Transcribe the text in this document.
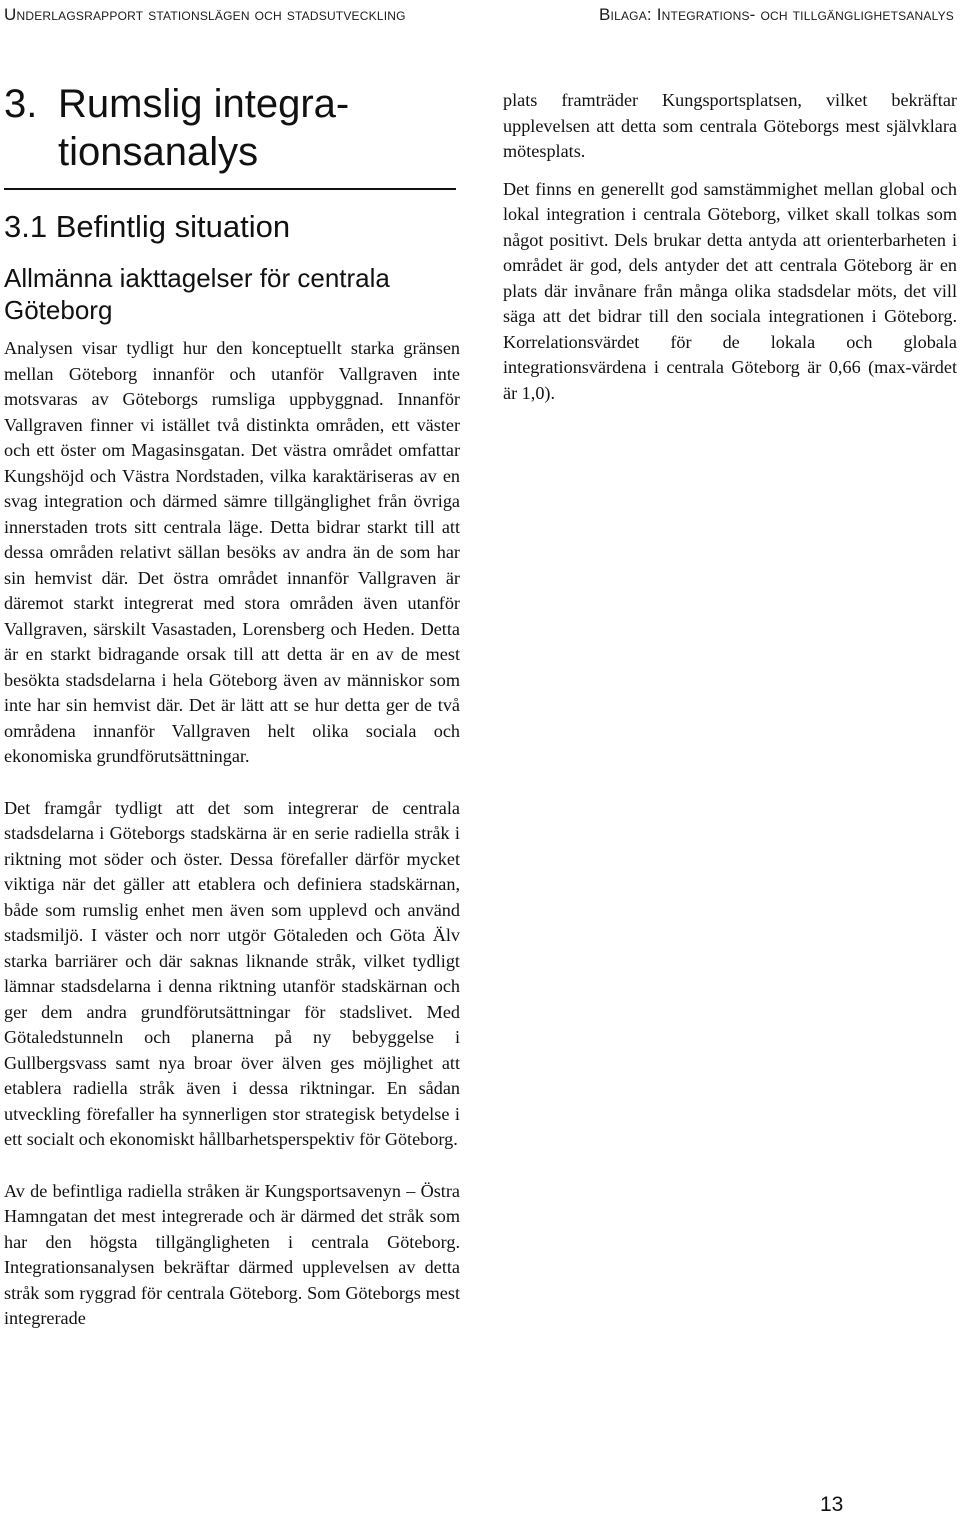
Underlagsrapport stationslägen och stadsutveckling	Bilaga: Integrations- och tillgänglighetsanalys
3. Rumslig integrationsanalys
3.1 Befintlig situation
Allmänna iakttagelser för centrala Göteborg

Analysen visar tydligt hur den konceptuellt starka gränsen mellan Göteborg innanför och utanför Vallgraven inte motsvaras av Göteborgs rumsliga uppbyggnad. Innanför Vallgraven finner vi istället två distinkta områden, ett väster och ett öster om Magasinsgatan. Det västra området omfattar Kungshöjd och Västra Nordstaden, vilka karaktäriseras av en svag integration och därmed sämre tillgänglighet från övriga innerstaden trots sitt centrala läge. Detta bidrar starkt till att dessa områden relativt sällan besöks av andra än de som har sin hemvist där. Det östra området innanför Vallgraven är däremot starkt integrerat med stora områden även utanför Vallgraven, särskilt Vasastaden, Lorensberg och Heden. Detta är en starkt bidragande orsak till att detta är en av de mest besökta stadsdelarna i hela Göteborg även av människor som inte har sin hemvist där. Det är lätt att se hur detta ger de två områdena innanför Vallgraven helt olika sociala och ekonomiska grundförutsättningar.

Det framgår tydligt att det som integrerar de centrala stadsdelarna i Göteborgs stadskärna är en serie radiella stråk i riktning mot söder och öster. Dessa förefaller därför mycket viktiga när det gäller att etablera och definiera stadskärnan, både som rumslig enhet men även som upplevd och använd stadsmiljö. I väster och norr utgör Götaleden och Göta Älv starka barriärer och där saknas liknande stråk, vilket tydligt lämnar stadsdelarna i denna riktning utanför stadskärnan och ger dem andra grundförutsättningar för stadslivet. Med Götaledstunneln och planerna på ny bebyggelse i Gullbergsvass samt nya broar över älven ges möjlighet att etablera radiella stråk även i dessa riktningar. En sådan utveckling förefaller ha synnerligen stor strategisk betydelse i ett socialt och ekonomiskt hållbarhetsperspektiv för Göteborg.

Av de befintliga radiella stråken är Kungsportsavenyn – Östra Hamngatan det mest integrerade och är därmed det stråk som har den högsta tillgängligheten i centrala Göteborg. Integrationsanalysen bekräftar därmed upplevelsen av detta stråk som ryggrad för centrala Göteborg. Som Göteborgs mest integrerade

plats framträder Kungsportsplatsen, vilket bekräftar upplevelsen att detta som centrala Göteborgs mest självklara mötesplats.

Det finns en generellt god samstämmighet mellan global och lokal integration i centrala Göteborg, vilket skall tolkas som något positivt. Dels brukar detta antyda att orienterbarheten i området är god, dels antyder det att centrala Göteborg är en plats där invånare från många olika stadsdelar möts, det vill säga att det bidrar till den sociala integrationen i Göteborg. Korrelationsvärdet för de lokala och globala integrationsvärdena i centrala Göteborg är 0,66 (max-värdet är 1,0).

13
